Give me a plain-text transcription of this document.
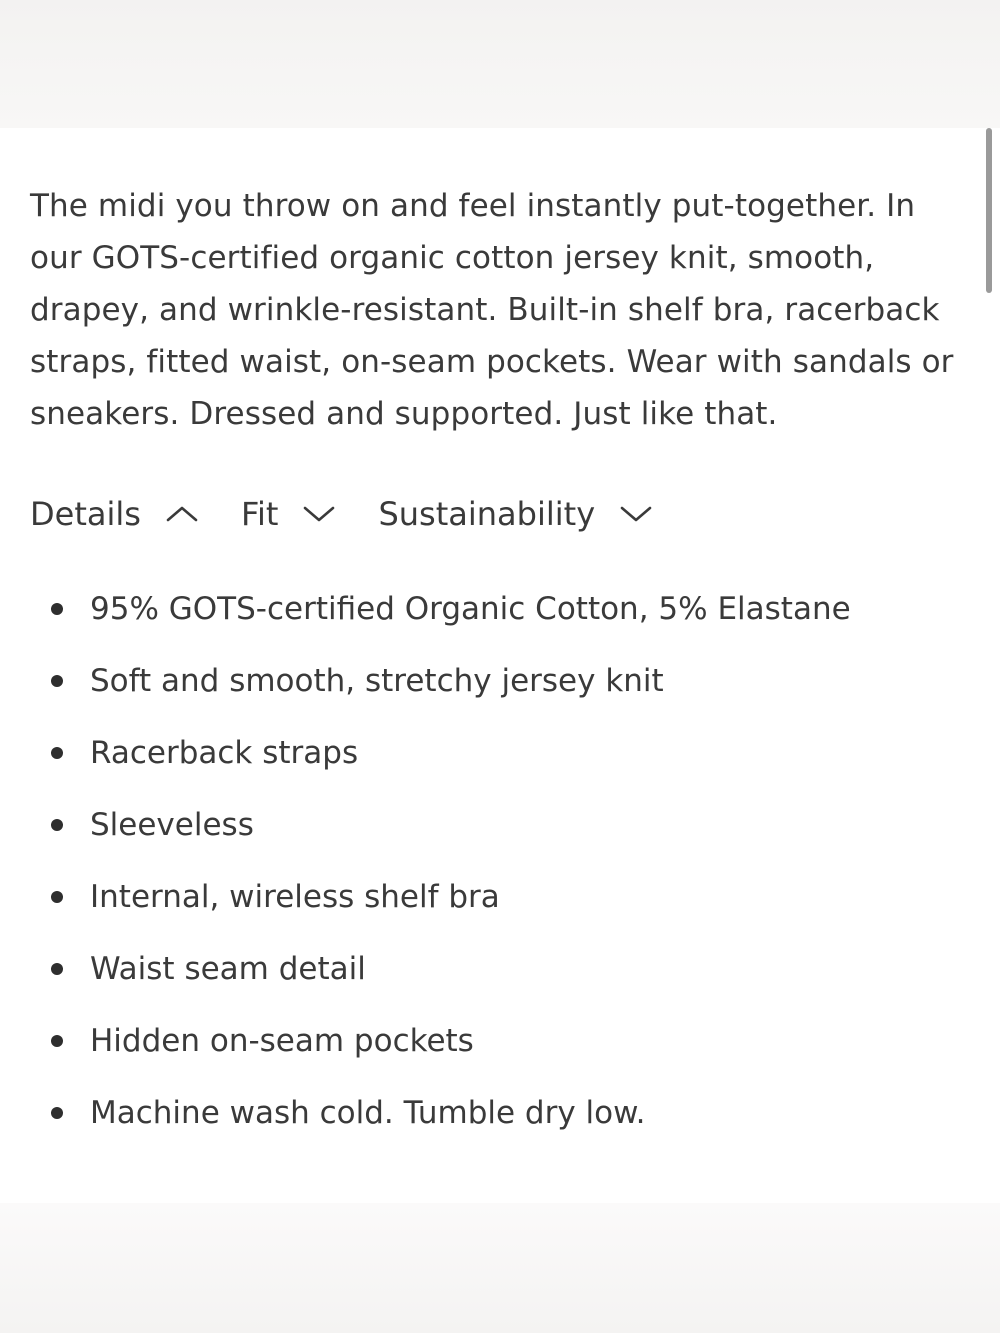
The midi you throw on and feel instantly put-together. In our GOTS-certified organic cotton jersey knit, smooth, drapey, and wrinkle-resistant. Built-in shelf bra, racerback straps, fitted waist, on-seam pockets. Wear with sandals or sneakers. Dressed and supported. Just like that.

Details	Fit	Sustainability
95% GOTS-certified Organic Cotton, 5% Elastane
Soft and smooth, stretchy jersey knit
Racerback straps
Sleeveless
Internal, wireless shelf bra
Waist seam detail
Hidden on-seam pockets
Machine wash cold. Tumble dry low.
